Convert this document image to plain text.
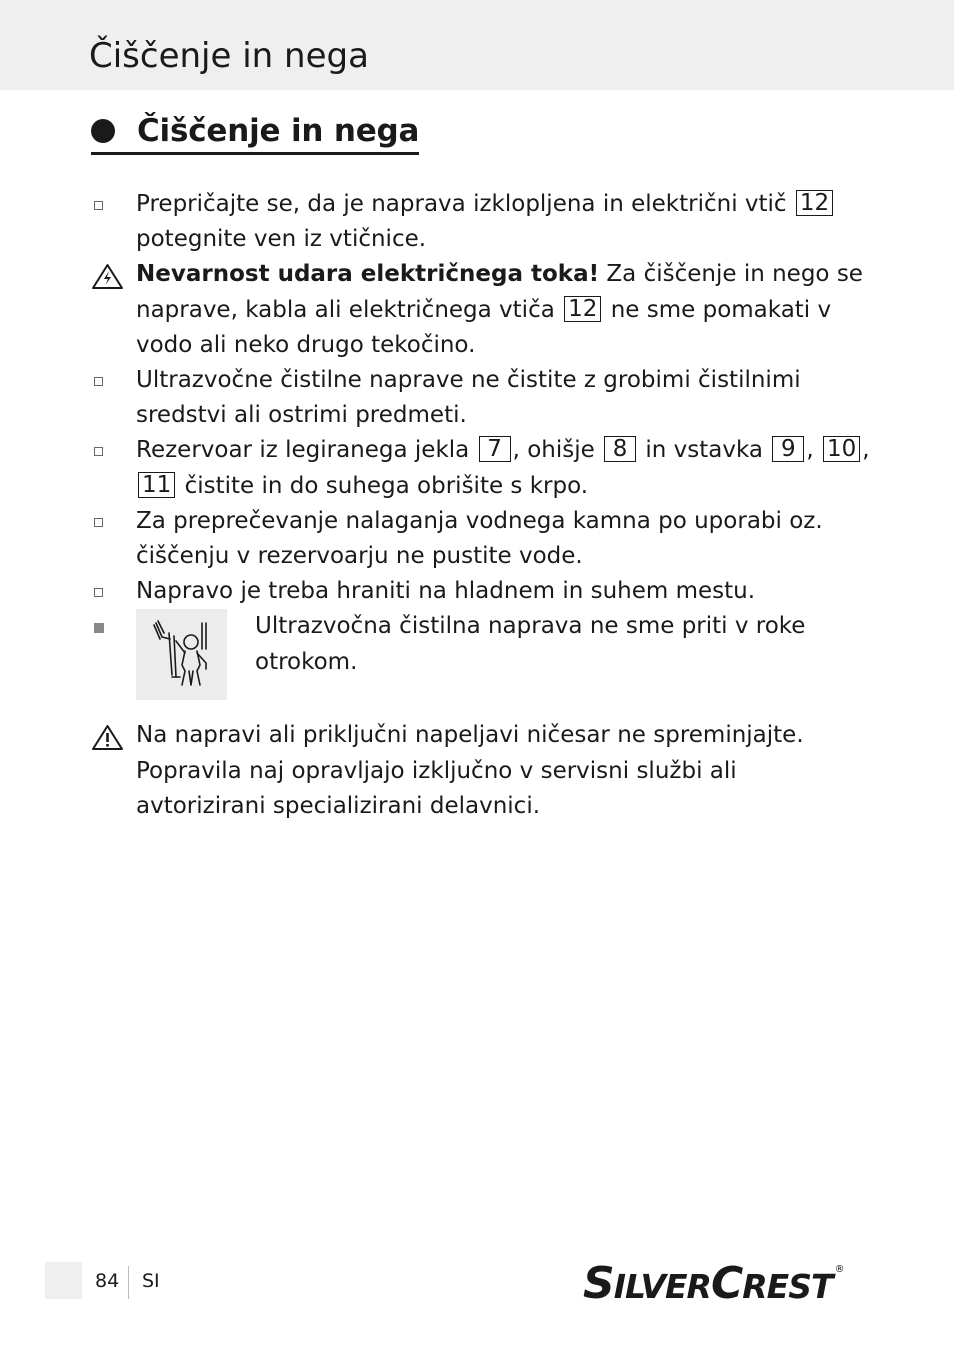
Čiščenje in nega
Čiščenje in nega
Prepričajte se, da je naprava izklopljena in električni vtič 12 potegnite ven iz vtičnice.
Nevarnost udara električnega toka! Za čiščenje in nego se naprave, kabla ali električnega vtiča 12 ne sme pomakati v vodo ali neko drugo tekočino.
Ultrazvočne čistilne naprave ne čistite z grobimi čistilnimi sredstvi ali ostrimi predmeti.
Rezervoar iz legiranega jekla 7 , ohišje 8 in vstavka 9 , 10 , 11 čistite in do suhega obrišite s krpo.
Za preprečevanje nalaganja vodnega kamna po uporabi oz. čiščenju v rezervoarju ne pustite vode.
Napravo je treba hraniti na hladnem in suhem mestu.
Ultrazvočna čistilna naprava ne sme priti v roke otrokom.
Na napravi ali priključni napeljavi ničesar ne spreminjajte. Popravila naj opravljajo izključno v servisni službi ali avtorizirani specializirani delavnici.
84 SI	SILVERCREST ®
